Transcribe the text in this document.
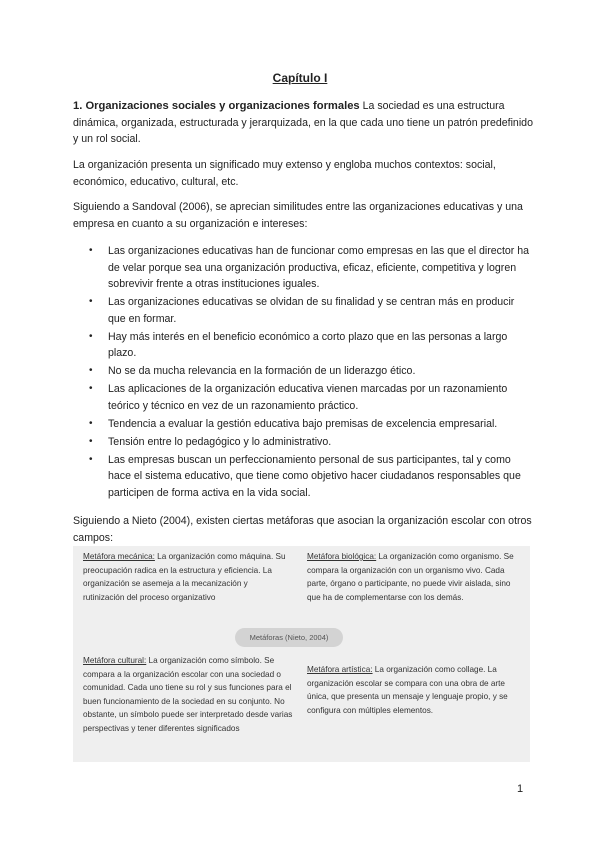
Capítulo I

1. Organizaciones sociales y organizaciones formales La sociedad es una estructura dinámica, organizada, estructurada y jerarquizada, en la que cada uno tiene un patrón predefinido y un rol social.

La organización presenta un significado muy extenso y engloba muchos contextos: social, económico, educativo, cultural, etc.

Siguiendo a Sandoval (2006), se aprecian similitudes entre las organizaciones educativas y una empresa en cuanto a su organización e intereses:

• Las organizaciones educativas han de funcionar como empresas en las que el director ha de velar porque sea una organización productiva, eficaz, eficiente, competitiva y logren sobrevivir frente a otras instituciones iguales.
• Las organizaciones educativas se olvidan de su finalidad y se centran más en producir que en formar.
• Hay más interés en el beneficio económico a corto plazo que en las personas a largo plazo.
• No se da mucha relevancia en la formación de un liderazgo ético.
• Las aplicaciones de la organización educativa vienen marcadas por un razonamiento teórico y técnico en vez de un razonamiento práctico.
• Tendencia a evaluar la gestión educativa bajo premisas de excelencia empresarial.
• Tensión entre lo pedagógico y lo administrativo.
• Las empresas buscan un perfeccionamiento personal de sus participantes, tal y como hace el sistema educativo, que tiene como objetivo hacer ciudadanos responsables que participen de forma activa en la vida social.

Siguiendo a Nieto (2004), existen ciertas metáforas que asocian la organización escolar con otros campos:

Metáfora mecánica: La organización como máquina. Su preocupación radica en la estructura y eficiencia. La organización se asemeja a la mecanización y rutinización del proceso organizativo
Metáfora biológica: La organización como organismo. Se compara la organización con un organismo vivo. Cada parte, órgano o participante, no puede vivir aislada, sino que ha de complementarse con los demás.
Metáforas (Nieto, 2004)
Metáfora cultural: La organización como símbolo. Se compara a la organización escolar con una sociedad o comunidad. Cada uno tiene su rol y sus funciones para el buen funcionamiento de la sociedad en su conjunto. No obstante, un símbolo puede ser interpretado desde varias perspectivas y tener diferentes significados
Metáfora artística: La organización como collage. La organización escolar se compara con una obra de arte única, que presenta un mensaje y lenguaje propio, y se configura con múltiples elementos.
1
